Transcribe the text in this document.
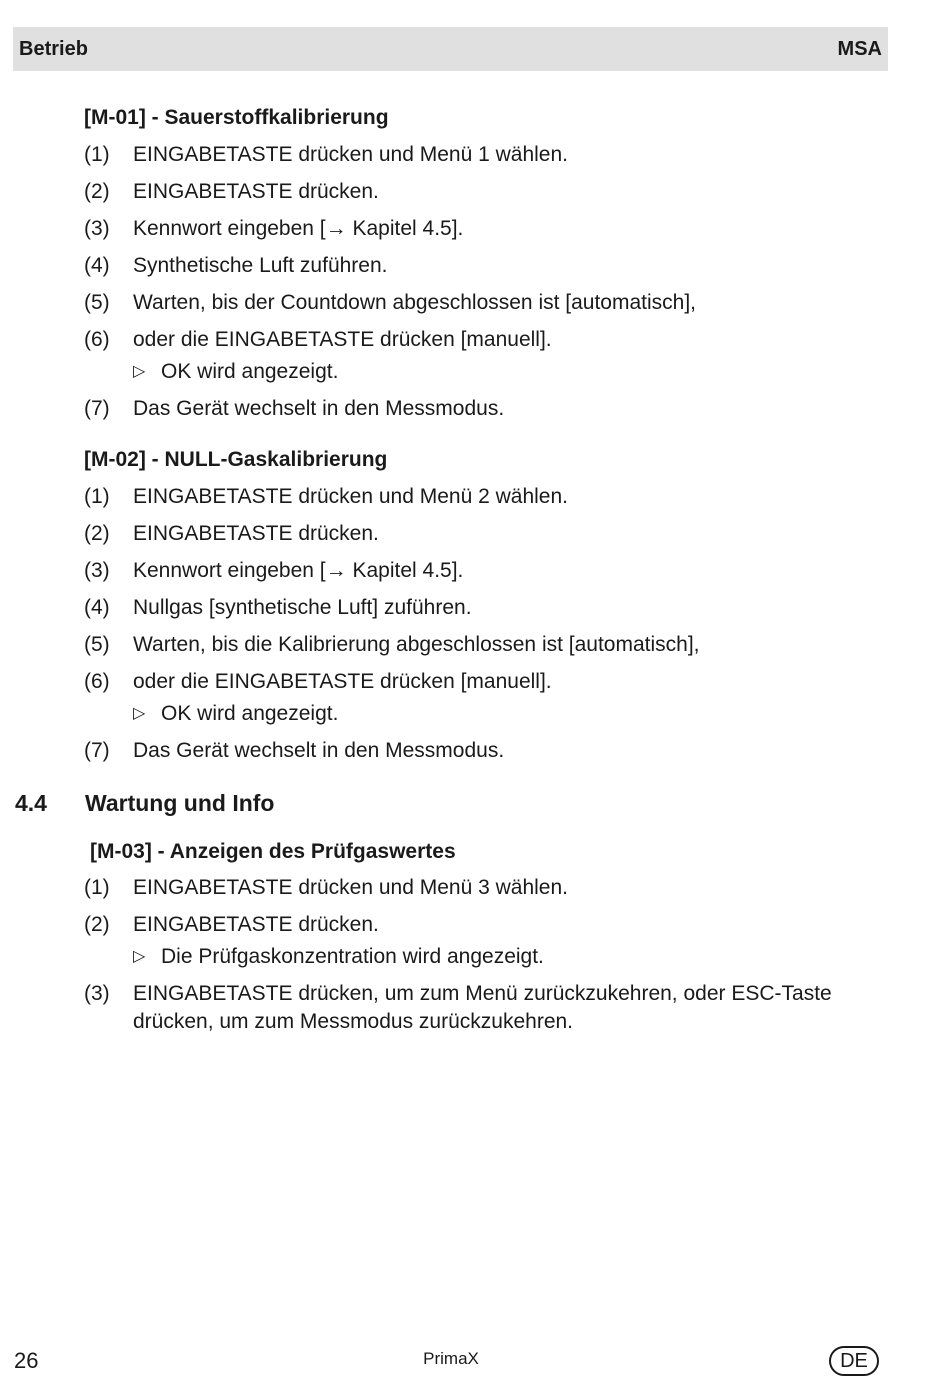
Betrieb	MSA
[M-01] - Sauerstoffkalibrierung
(1) EINGABETASTE drücken und Menü 1 wählen.
(2) EINGABETASTE drücken.
(3) Kennwort eingeben [→ Kapitel 4.5].
(4) Synthetische Luft zuführen.
(5) Warten, bis der Countdown abgeschlossen ist [automatisch],
(6) oder die EINGABETASTE drücken [manuell].
▷ OK wird angezeigt.
(7) Das Gerät wechselt in den Messmodus.
[M-02] - NULL-Gaskalibrierung
(1) EINGABETASTE drücken und Menü 2 wählen.
(2) EINGABETASTE drücken.
(3) Kennwort eingeben [→ Kapitel 4.5].
(4) Nullgas [synthetische Luft] zuführen.
(5) Warten, bis die Kalibrierung abgeschlossen ist [automatisch],
(6) oder die EINGABETASTE drücken [manuell].
▷ OK wird angezeigt.
(7) Das Gerät wechselt in den Messmodus.
4.4 Wartung und Info
[M-03] - Anzeigen des Prüfgaswertes
(1) EINGABETASTE drücken und Menü 3 wählen.
(2) EINGABETASTE drücken.
▷ Die Prüfgaskonzentration wird angezeigt.
(3) EINGABETASTE drücken, um zum Menü zurückzukehren, oder ESC-Taste
drücken, um zum Messmodus zurückzukehren.
26	PrimaX	DE
